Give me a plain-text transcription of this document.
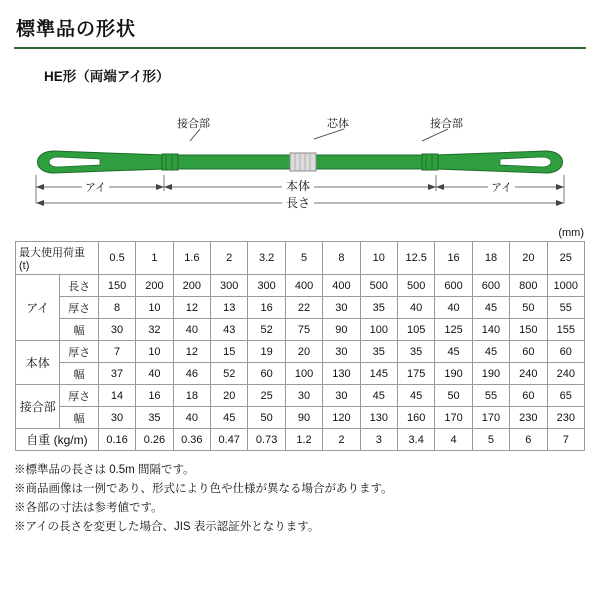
標準品の形状
HE形（両端アイ形）
接合部	芯体	接合部
アイ	本体	アイ
長さ
(mm)
最大使用荷重 (t)		0.5	1	1.6	2	3.2	5	8	10	12.5	16	18	20	25
アイ	長さ	150	200	200	300	300	400	400	500	500	600	600	800	1000
	厚さ	8	10	12	13	16	22	30	35	40	40	45	50	55
	幅	30	32	40	43	52	75	90	100	105	125	140	150	155
本体	厚さ	7	10	12	15	19	20	30	35	35	45	45	60	60
	幅	37	40	46	52	60	100	130	145	175	190	190	240	240
接合部	厚さ	14	16	18	20	25	30	30	45	45	50	55	60	65
	幅	30	35	40	45	50	90	120	130	160	170	170	230	230
自重 (kg/m)		0.16	0.26	0.36	0.47	0.73	1.2	2	3	3.4	4	5	6	7
※標準品の長さは 0.5m 間隔です。
※商品画像は一例であり、形式により色や仕様が異なる場合があります。
※各部の寸法は参考値です。
※アイの長さを変更した場合、JIS 表示認証外となります。
